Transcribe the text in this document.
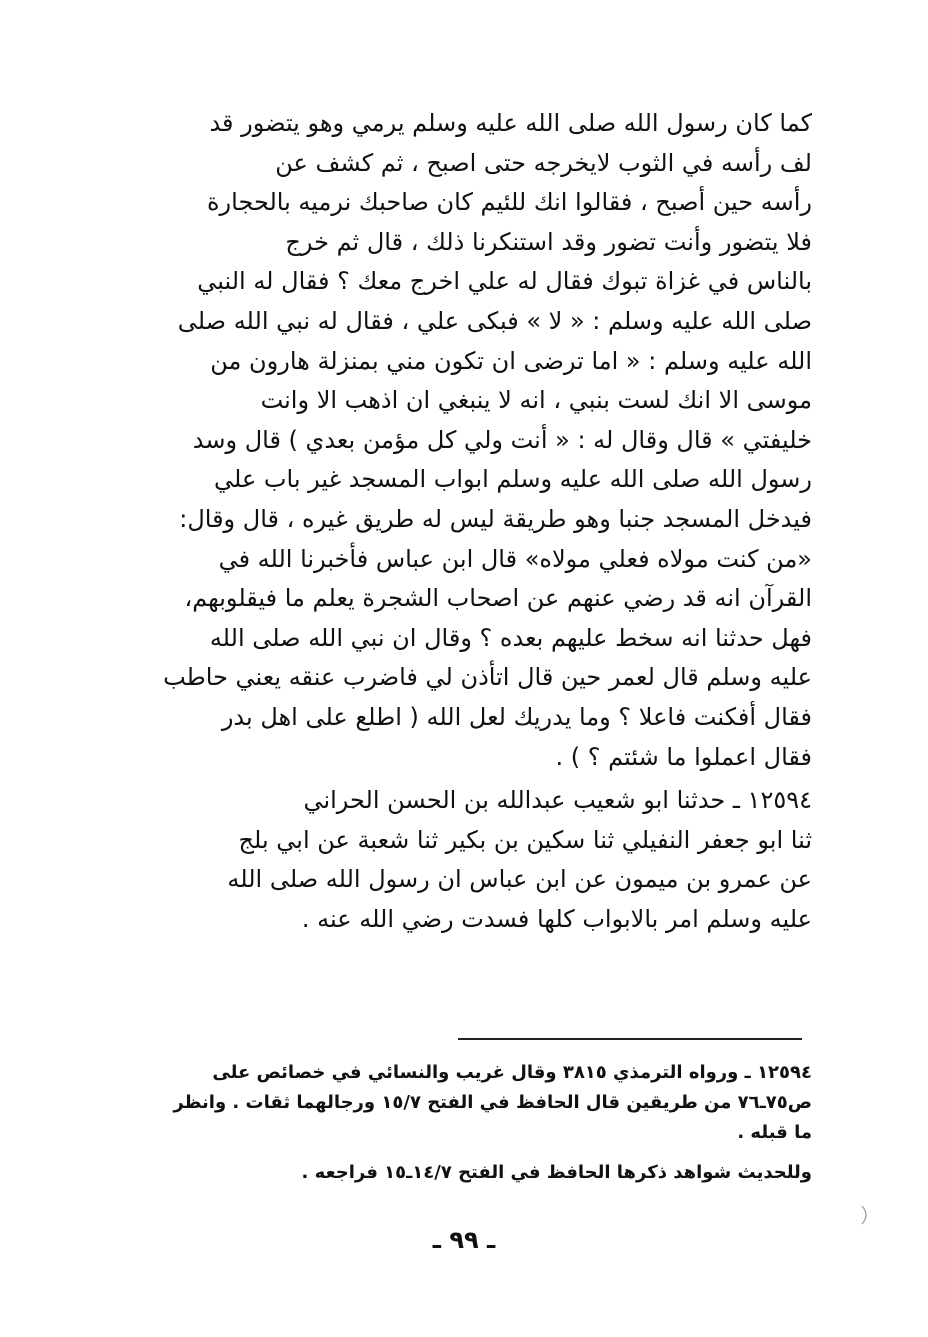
كما كان رسول الله صلى الله عليه وسلم يرمي وهو يتضور قد
لف رأسه في الثوب لايخرجه حتى اصبح ، ثم كشف عن
رأسه حين أصبح ، فقالوا انك للئيم كان صاحبك نرميه بالحجارة
فلا يتضور وأنت تضور وقد استنكرنا ذلك ، قال ثم خرج
بالناس في غزاة تبوك فقال له علي اخرج معك ؟ فقال له النبي
صلى الله عليه وسلم : « لا » فبكى علي ، فقال له نبي الله صلى
الله عليه وسلم : « اما ترضى ان تكون مني بمنزلة هارون من
موسى الا انك لست بنبي ، انه لا ينبغي ان اذهب الا وانت
خليفتي » قال وقال له : « أنت ولي كل مؤمن بعدي ) قال وسد
رسول الله صلى الله عليه وسلم ابواب المسجد غير باب علي
فيدخل المسجد جنبا وهو طريقة ليس له طريق غيره ، قال وقال:
«من كنت مولاه فعلي مولاه» قال ابن عباس فأخبرنا الله في
القرآن انه قد رضي عنهم عن اصحاب الشجرة يعلم ما فيقلوبهم،
فهل حدثنا انه سخط عليهم بعده ؟ وقال ان نبي الله صلى الله
عليه وسلم قال لعمر حين قال اتأذن لي فاضرب عنقه يعني حاطب
فقال أفكنت فاعلا ؟ وما يدريك لعل الله ( اطلع على اهل بدر
فقال اعملوا ما شئتم ؟ ) .
١٢٥٩٤ ـ حدثنا ابو شعيب عبدالله بن الحسن الحراني
ثنا ابو جعفر النفيلي ثنا سكين بن بكير ثنا شعبة عن ابي بلج
عن عمرو بن ميمون عن ابن عباس ان رسول الله صلى الله
عليه وسلم امر بالابواب كلها فسدت رضي الله عنه .
١٢٥٩٤ ـ ورواه الترمذي ٣٨١٥ وقال غريب والنسائي في خصائص على
ص٧٥ـ٧٦ من طريقين قال الحافظ في الفتح ١٥/٧ ورجالهما ثقات . وانظر
ما قبله .
وللحديث شواهد ذكرها الحافظ في الفتح ١٤/٧ـ١٥ فراجعه .
ـ ٩٩ ـ
